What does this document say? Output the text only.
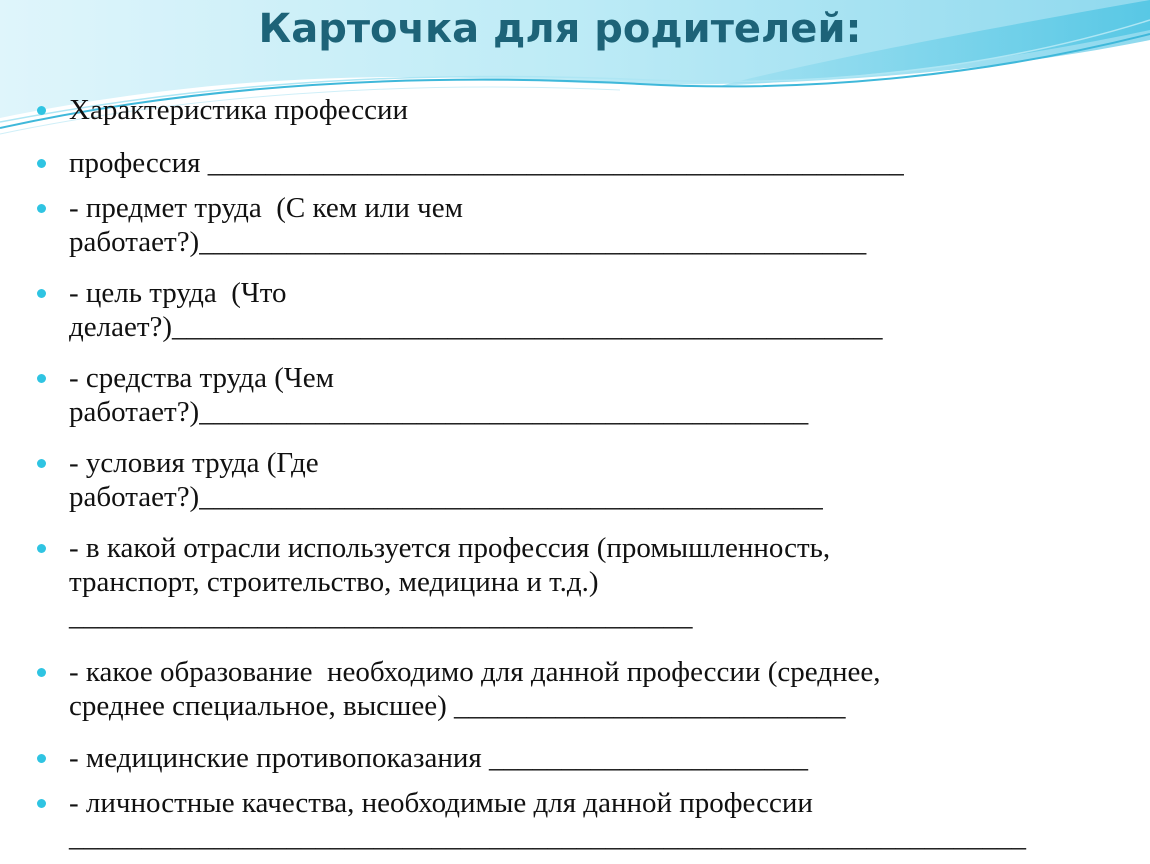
Карточка для родителей:
Характеристика профессии
профессия ________________________________________________
- предмет труда  (С кем или чем
работает?)______________________________________________
- цель труда  (Что
делает?)_________________________________________________
- средства труда (Чем
работает?)__________________________________________
- условия труда (Где
работает?)___________________________________________
- в какой отрасли используется профессия (промышленность,
транспорт, строительство, медицина и т.д.)
___________________________________________
- какое образование  необходимо для данной профессии (среднее,
среднее специальное, высшее) ___________________________
- медицинские противопоказания ______________________
- личностные качества, необходимые для данной профессии
__________________________________________________________________
